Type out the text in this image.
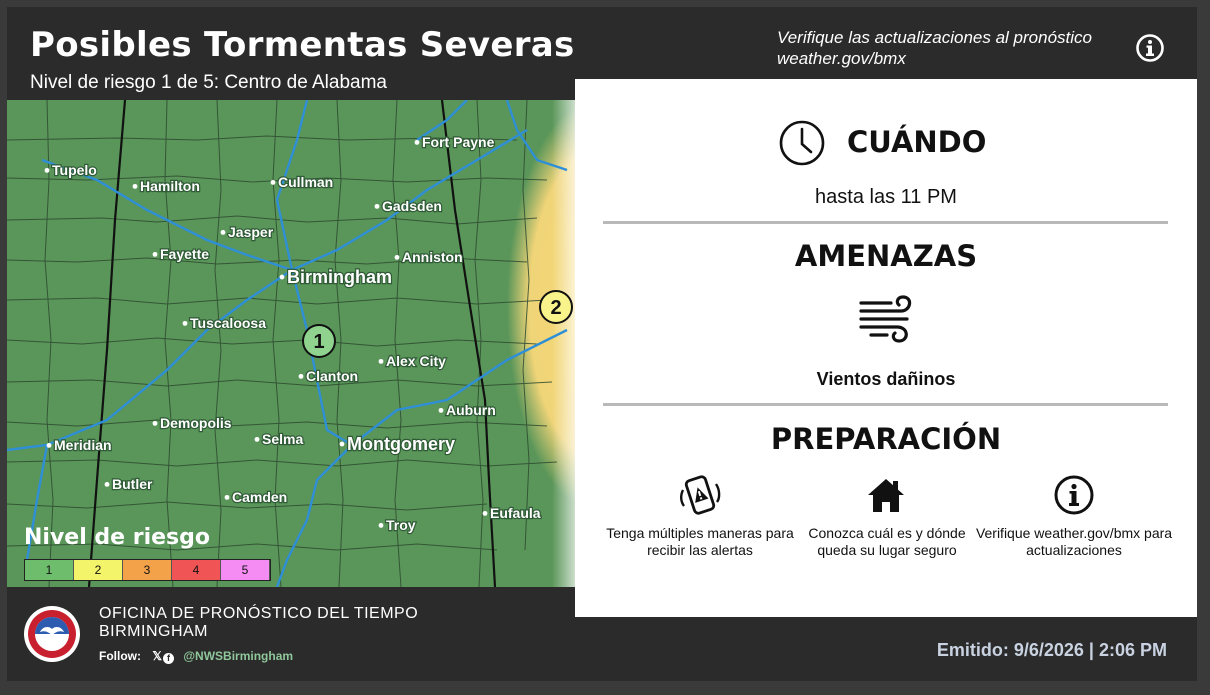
Posibles Tormentas Severas
Nivel de riesgo 1 de 5: Centro de Alabama
Verifique las actualizaciones al pronóstico
weather.gov/bmx
1
2
Fort Payne
Tupelo
Hamilton	Cullman
Gadsden
Jasper
Fayette	Anniston
Birmingham
Tuscaloosa
Alex City
Clanton
Auburn
Demopolis
Selma
Meridian	Montgomery
Butler
Camden
Eufaula
Troy
Nivel de riesgo
1	2	3	4	5
CUÁNDO
hasta las 11 PM
AMENAZAS
Vientos dañinos
PREPARACIÓN
Tenga múltiples maneras para recibir las alertas
Conozca cuál es y dónde queda su lugar seguro
Verifique weather.gov/bmx para actualizaciones
OFICINA DE PRONÓSTICO DEL TIEMPO
BIRMINGHAM
Follow: 𝕏 f @NWSBirmingham	Emitido: 9/6/2026 | 2:06 PM
